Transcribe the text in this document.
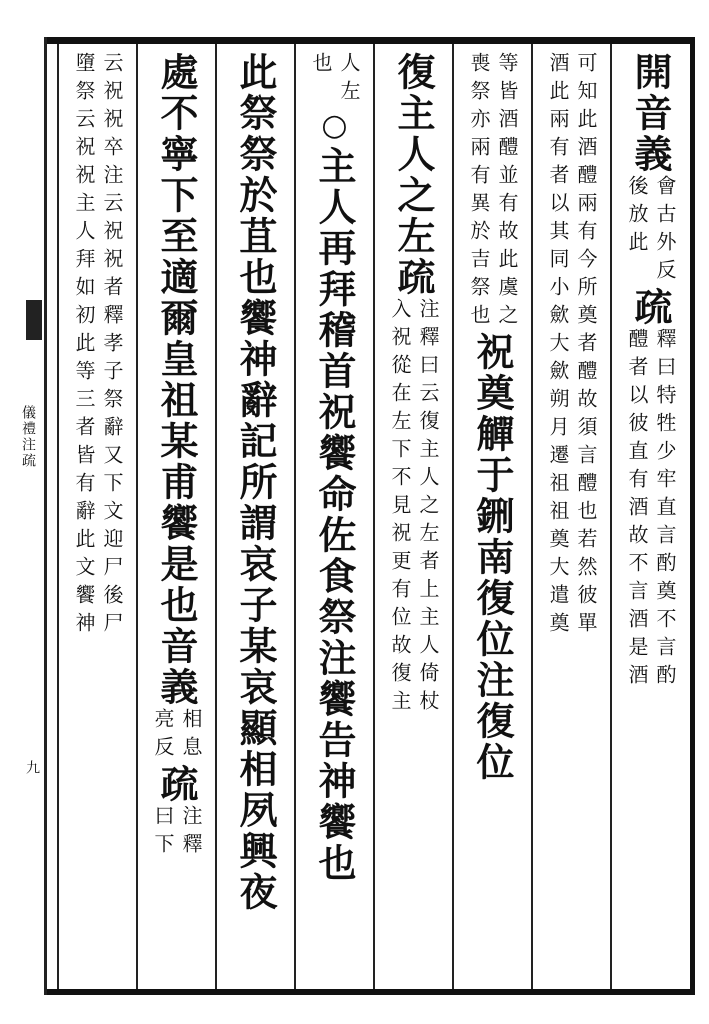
儀禮注疏
九
開音義
會古外反
後放此
疏
釋曰特牲少牢直言酌奠不言酌
醴者以彼直有酒故不言酒是酒
可知此酒醴兩有今所奠者醴故須言醴也若然彼單
酒此兩有者以其同小歛大歛朔月遷祖祖奠大遣奠
等皆酒醴並有故此虞之
喪祭亦兩有異於吉祭也
祝奠觶于鉶南復位注復位
復主人之左
疏
注釋曰云復主人之左者上主人倚杖
入祝從在左下不見祝更有位故復主
人左
也
○
主人再拜稽首祝饗命佐食祭注饗告神饗也
此祭祭於苴也饗神辭記所謂哀子某哀顯相夙興夜
處不寧下至適爾皇祖某甫饗是也音義
相息
亮反
疏
注釋
曰下
云祝祝卒注云祝祝者釋孝子祭辭又下文迎尸後尸
墮祭云祝祝主人拜如初此等三者皆有辭此文饗神
